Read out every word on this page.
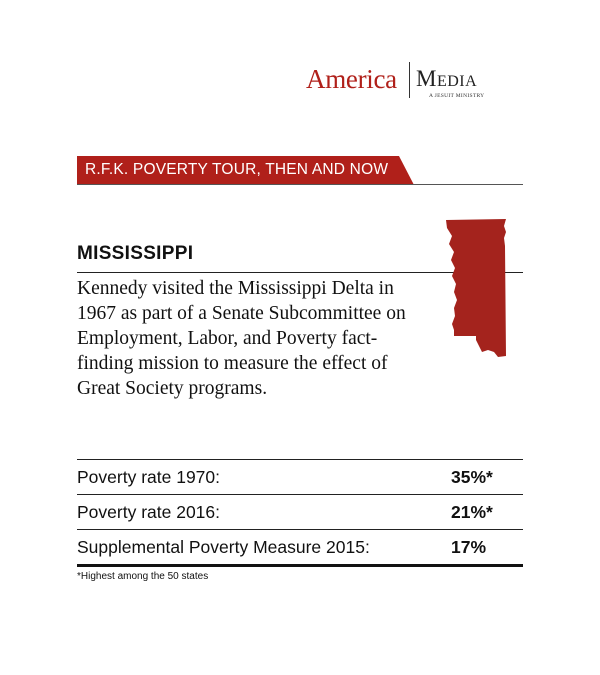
America Media
A JESUIT MINISTRY
R.F.K. POVERTY TOUR, THEN AND NOW
MISSISSIPPI
Kennedy visited the Mississippi Delta in 1967 as part of a Senate Subcommittee on Employment, Labor, and Poverty fact-finding mission to measure the effect of Great Society programs.
Poverty rate 1970:	35%*
Poverty rate 2016:	21%*
Supplemental Poverty Measure 2015:	17%
*Highest among the 50 states
